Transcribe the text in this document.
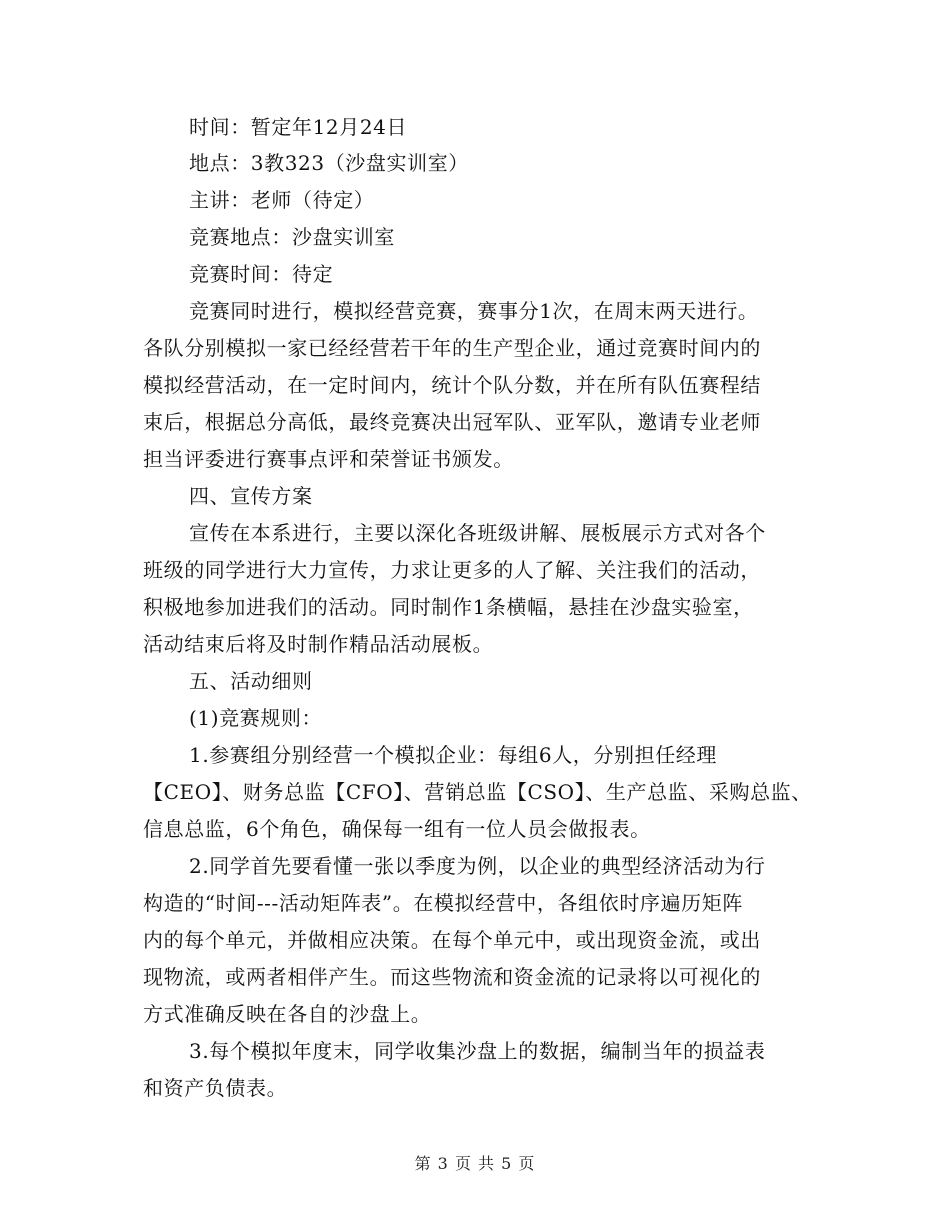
时间：暂定年12月24日
地点：3教323（沙盘实训室）
主讲：老师（待定）
竞赛地点：沙盘实训室
竞赛时间：待定
竞赛同时进行，模拟经营竞赛，赛事分1次，在周末两天进行。
各队分别模拟一家已经经营若干年的生产型企业，通过竞赛时间内的
模拟经营活动，在一定时间内，统计个队分数，并在所有队伍赛程结
束后，根据总分高低，最终竞赛决出冠军队、亚军队，邀请专业老师
担当评委进行赛事点评和荣誉证书颁发。
四、宣传方案
宣传在本系进行，主要以深化各班级讲解、展板展示方式对各个
班级的同学进行大力宣传，力求让更多的人了解、关注我们的活动，
积极地参加进我们的活动。同时制作1条横幅，悬挂在沙盘实验室，
活动结束后将及时制作精品活动展板。
五、活动细则
(1)竞赛规则：
1.参赛组分别经营一个模拟企业：每组6人，分别担任经理
【CEO】、财务总监【CFO】、营销总监【CSO】、生产总监、采购总监、
信息总监，6个角色，确保每一组有一位人员会做报表。
2.同学首先要看懂一张以季度为例，以企业的典型经济活动为行
构造的“时间---活动矩阵表”。在模拟经营中，各组依时序遍历矩阵
内的每个单元，并做相应决策。在每个单元中，或出现资金流，或出
现物流，或两者相伴产生。而这些物流和资金流的记录将以可视化的
方式准确反映在各自的沙盘上。
3.每个模拟年度末，同学收集沙盘上的数据，编制当年的损益表
和资产负债表。
第 3 页 共 5 页
